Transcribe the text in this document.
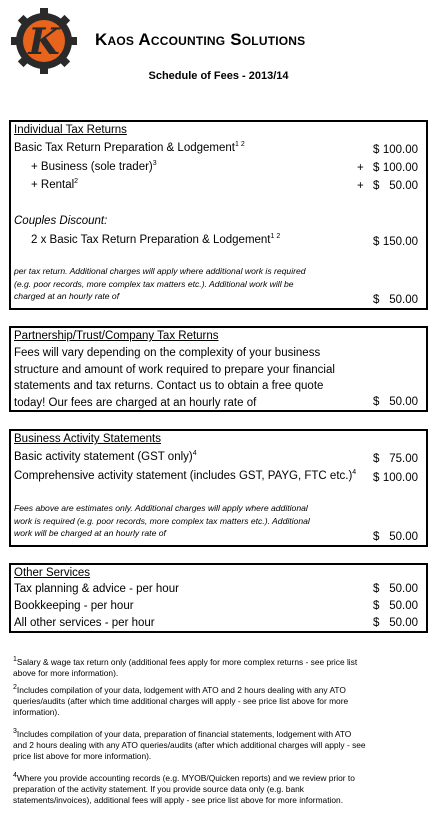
K Kaos Accounting Solutions
Schedule of Fees - 2013/14
Individual Tax Returns
Basic Tax Return Preparation & Lodgement$^{1 2}$	$ 100.00
+ Business (sole trader)$^3$	+ $ 100.00
+ Rental$^2$	+ $ 50.00
Couples Discount:
2 x Basic Tax Return Preparation & Lodgement$^{1 2}$	$ 150.00
per tax return. Additional charges will apply where additional work is required
(e.g. poor records, more complex tax matters etc.). Additional work will be
charged at an hourly rate of	$ 50.00
Partnership/Trust/Company Tax Returns
Fees will vary depending on the complexity of your business
structure and amount of work required to prepare your financial
statements and tax returns. Contact us to obtain a free quote
today! Our fees are charged at an hourly rate of	$ 50.00
Business Activity Statements
Basic activity statement (GST only)$^4$	$ 75.00
Comprehensive activity statement (includes GST, PAYG, FTC etc.)$^4$ $ 100.00
Fees above are estimates only. Additional charges will apply where additional
work is required (e.g. poor records, more complex tax matters etc.). Additional
work will be charged at an hourly rate of	$ 50.00
Other Services
Tax planning & advice - per hour	$ 50.00
Bookkeeping - per hour	$ 50.00
All other services - per hour	$ 50.00
$^1$Salary & wage tax return only (additional fees apply for more complex returns - see price list
above for more information).
$^2$Includes compilation of your data, lodgement with ATO and 2 hours dealing with any ATO
queries/audits (after which time additional charges will apply - see price list above for more
information).
$^3$Includes compilation of your data, preparation of financial statements, lodgement with ATO
and 2 hours dealing with any ATO queries/audits (after which additional charges will apply - see
price list above for more information).
$^4$Where you provide accounting records (e.g. MYOB/Quicken reports) and we review prior to
preparation of the activity statement. If you provide source data only (e.g. bank
statements/invoices), additional fees will apply - see price list above for more information.
